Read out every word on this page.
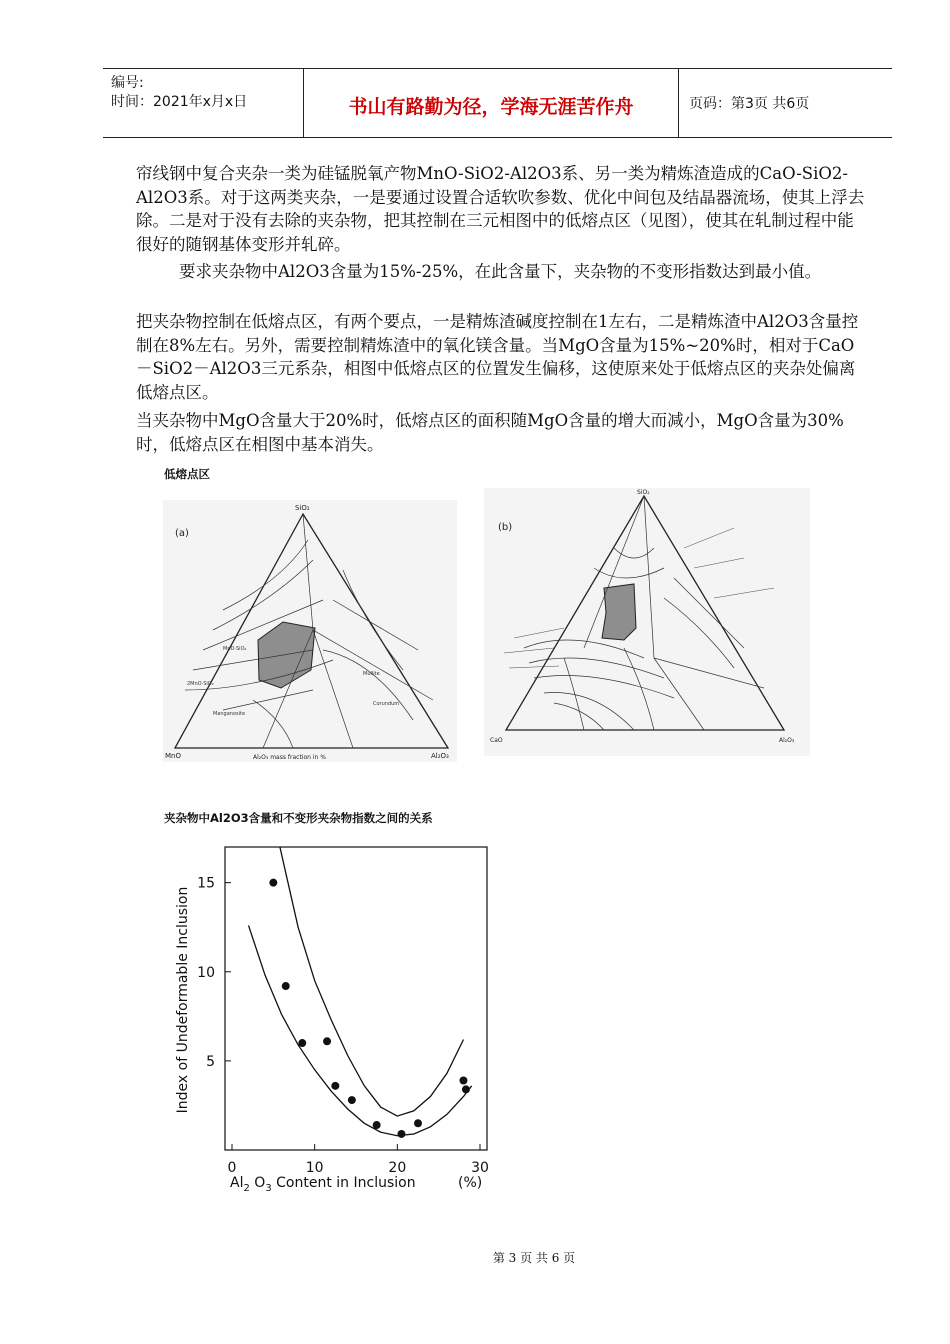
编号:
时间：2021年x月x日	书山有路勤为径，学海无涯苦作舟	页码：第3页 共6页
帘线钢中复合夹杂一类为硅锰脱氧产物MnO-SiO2-Al2O3系、另一类为精炼渣造成的CaO-SiO2-Al2O3系。对于这两类夹杂，一是要通过设置合适软吹参数、优化中间包及结晶器流场，使其上浮去除。二是对于没有去除的夹杂物，把其控制在三元相图中的低熔点区（见图），使其在轧制过程中能很好的随钢基体变形并轧碎。
要求夹杂物中Al2O3含量为15%-25%，在此含量下，夹杂物的不变形指数达到最小值。
把夹杂物控制在低熔点区，有两个要点，一是精炼渣碱度控制在1左右，二是精炼渣中Al2O3含量控制在8%左右。另外，需要控制精炼渣中的氧化镁含量。当MgO含量为15%~20%时，相对于CaO－SiO2－Al2O3三元系杂，相图中低熔点区的位置发生偏移，这使原来处于低熔点区的夹杂处偏离低熔点区。
当夹杂物中MgO含量大于20%时，低熔点区的面积随MgO含量的增大而减小，MgO含量为30%时，低熔点区在相图中基本消失。
低熔点区
MnO·SiO₂
2MnO·SiO₂
Mullite
Corundum
Manganosite
(a)
SiO₂
MnO	Al₂O₃
Al₂O₃ mass fraction in %
(b)
SiO₂
CaO	Al₂O₃
夹杂物中Al2O3含量和不变形夹杂物指数之间的关系
0	10	20	30
5
10
15
Index of Undeformable Inclusion
$Al_2$ $O_3$ Content in Inclusion	(%)
第 3 页 共 6 页
